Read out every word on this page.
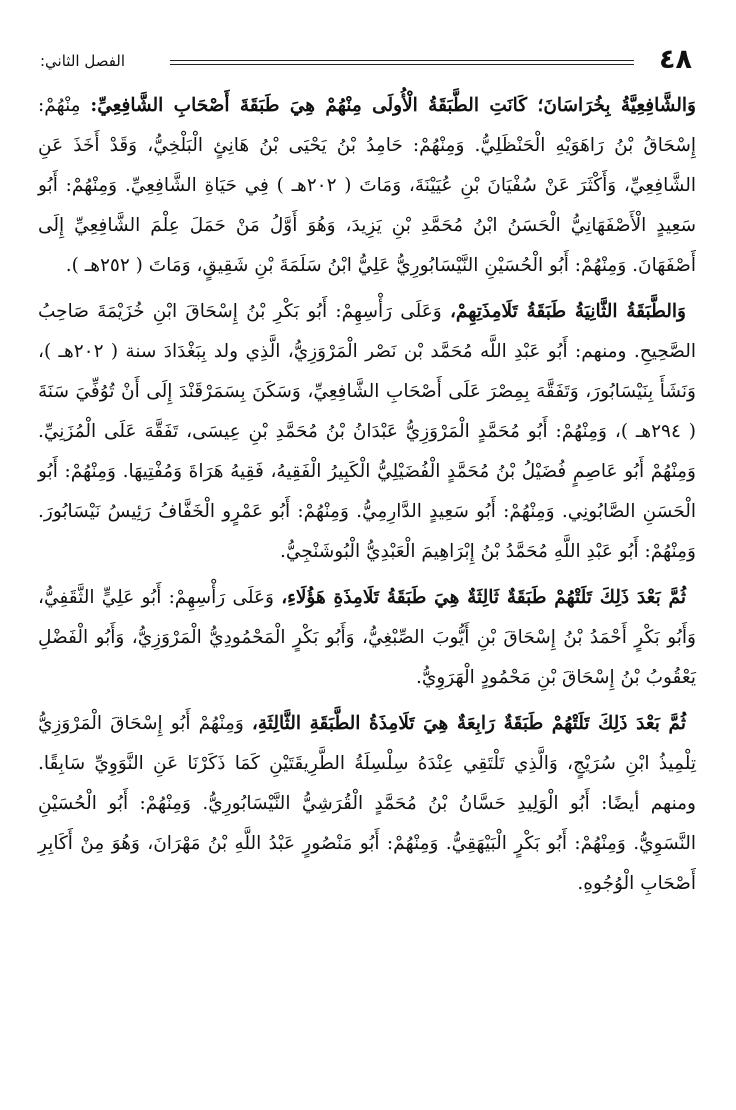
٤٨
الفصل الثاني:

وَالشَّافِعِيَّةُ بِخُرَاسَانَ؛ كَانَتِ الطَّبَقَةُ الْأُولَى مِنْهُمْ هِيَ طَبَقَةَ أَصْحَابِ الشَّافِعِيِّ: مِنْهُمْ: إِسْحَاقُ بْنُ رَاهَوَيْهِ الْحَنْظَلِيُّ. وَمِنْهُمْ: حَامِدُ بْنُ يَحْيَى بْنُ هَانِئٍ الْبَلْخِيُّ، وَقَدْ أَخَذَ عَنِ الشَّافِعِيِّ، وَأَكْثَرَ عَنْ سُفْيَانَ بْنِ عُيَيْنَةَ، وَمَاتَ ( ٢٠٢هـ ) فِي حَيَاةِ الشَّافِعِيِّ. وَمِنْهُمْ: أَبُو سَعِيدٍ الْأَصْفَهَانِيُّ الْحَسَنُ ابْنُ مُحَمَّدِ بْنِ يَزِيدَ، وَهُوَ أَوَّلُ مَنْ حَمَلَ عِلْمَ الشَّافِعِيِّ إِلَى أَصْفَهَانَ. وَمِنْهُمْ: أَبُو الْحُسَيْنِ النَّيْسَابُورِيُّ عَلِيُّ ابْنُ سَلَمَةَ بْنِ شَقِيقٍ، وَمَاتَ ( ٢٥٢هـ ).

وَالطَّبَقَةُ الثَّانِيَةُ طَبَقَةُ تَلَامِذَتِهِمْ، وَعَلَى رَأْسِهِمْ: أَبُو بَكْرِ بْنُ إِسْحَاقَ ابْنِ خُزَيْمَةَ صَاحِبُ الصَّحِيحِ. ومنهم: أَبُو عَبْدِ اللَّه مُحَمَّد بْن نَصْر الْمَرْوَزِيُّ، الَّذِي ولد بِبَغْدَادَ سنة ( ٢٠٢هـ )، وَنَشَأَ بِنَيْسَابُورَ، وَتَفَقَّهَ بِمِصْرَ عَلَى أَصْحَابِ الشَّافِعِيِّ، وَسَكَنَ بِسَمَرْقَنْدَ إِلَى أَنْ تُوُفِّيَ سَنَةَ ( ٢٩٤هـ )، وَمِنْهُمْ: أَبُو مُحَمَّدٍ الْمَرْوَزِيُّ عَبْدَانُ بْنُ مُحَمَّدِ بْنِ عِيسَى، تَفَقَّهَ عَلَى الْمُزَنِيِّ. وَمِنْهُمْ أَبُو عَاصِمٍ فُضَيْلُ بْنُ مُحَمَّدٍ الْفُضَيْلِيُّ الْكَبِيرُ الْفَقِيهُ، فَقِيهُ هَرَاةَ وَمُفْتِيهَا. وَمِنْهُمْ: أَبُو الْحَسَنِ الصَّابُونِي. وَمِنْهُمْ: أَبُو سَعِيدٍ الدَّارِمِيُّ. وَمِنْهُمْ: أَبُو عَمْرٍو الْخَفَّافُ رَئِيسُ نَيْسَابُورَ. وَمِنْهُمْ: أَبُو عَبْدِ اللَّهِ مُحَمَّدُ بْنُ إِبْرَاهِيمَ الْعَبْدِيُّ الْبُوشَنْجِيُّ.

ثُمَّ بَعْدَ ذَلِكَ تَلَتْهُمْ طَبَقَةٌ ثَالِثَةٌ هِيَ طَبَقَةُ تَلَامِذَةِ هَؤُلَاءِ، وَعَلَى رَأْسِهِمْ: أَبُو عَلِيٍّ الثَّقَفِيُّ، وَأَبُو بَكْرٍ أَحْمَدُ بْنُ إِسْحَاقَ بْنِ أَيُّوبَ الصِّبْغِيُّ، وَأَبُو بَكْرٍ الْمَحْمُودِيُّ الْمَرْوَزِيُّ، وَأَبُو الْفَضْلِ يَعْقُوبُ بْنُ إِسْحَاقَ بْنِ مَحْمُودٍ الْهَرَوِيُّ.

ثُمَّ بَعْدَ ذَلِكَ تَلَتْهُمْ طَبَقَةٌ رَابِعَةٌ هِيَ تَلَامِذَةُ الطَّبَقَةِ الثَّالِثَةِ، وَمِنْهُمْ أَبُو إِسْحَاقَ الْمَرْوَزِيُّ تِلْمِيذُ ابْنِ سُرَيْجٍ، وَالَّذِي تَلْتَقِي عِنْدَهُ سِلْسِلَةُ الطَّرِيقَتَيْنِ كَمَا ذَكَرْنَا عَنِ النَّوَوِيِّ سَابِقًا. ومنهم أيضًا: أَبُو الْوَلِيدِ حَسَّانُ بْنُ مُحَمَّدٍ الْقُرَشِيُّ النَّيْسَابُورِيُّ. وَمِنْهُمْ: أَبُو الْحُسَيْنِ النَّسَوِيُّ. وَمِنْهُمْ: أَبُو بَكْرٍ الْبَيْهَقِيُّ. وَمِنْهُمْ: أَبُو مَنْصُورٍ عَبْدُ اللَّهِ بْنُ مَهْرَانَ، وَهُوَ مِنْ أَكَابِرِ أَصْحَابِ الْوُجُوهِ.
